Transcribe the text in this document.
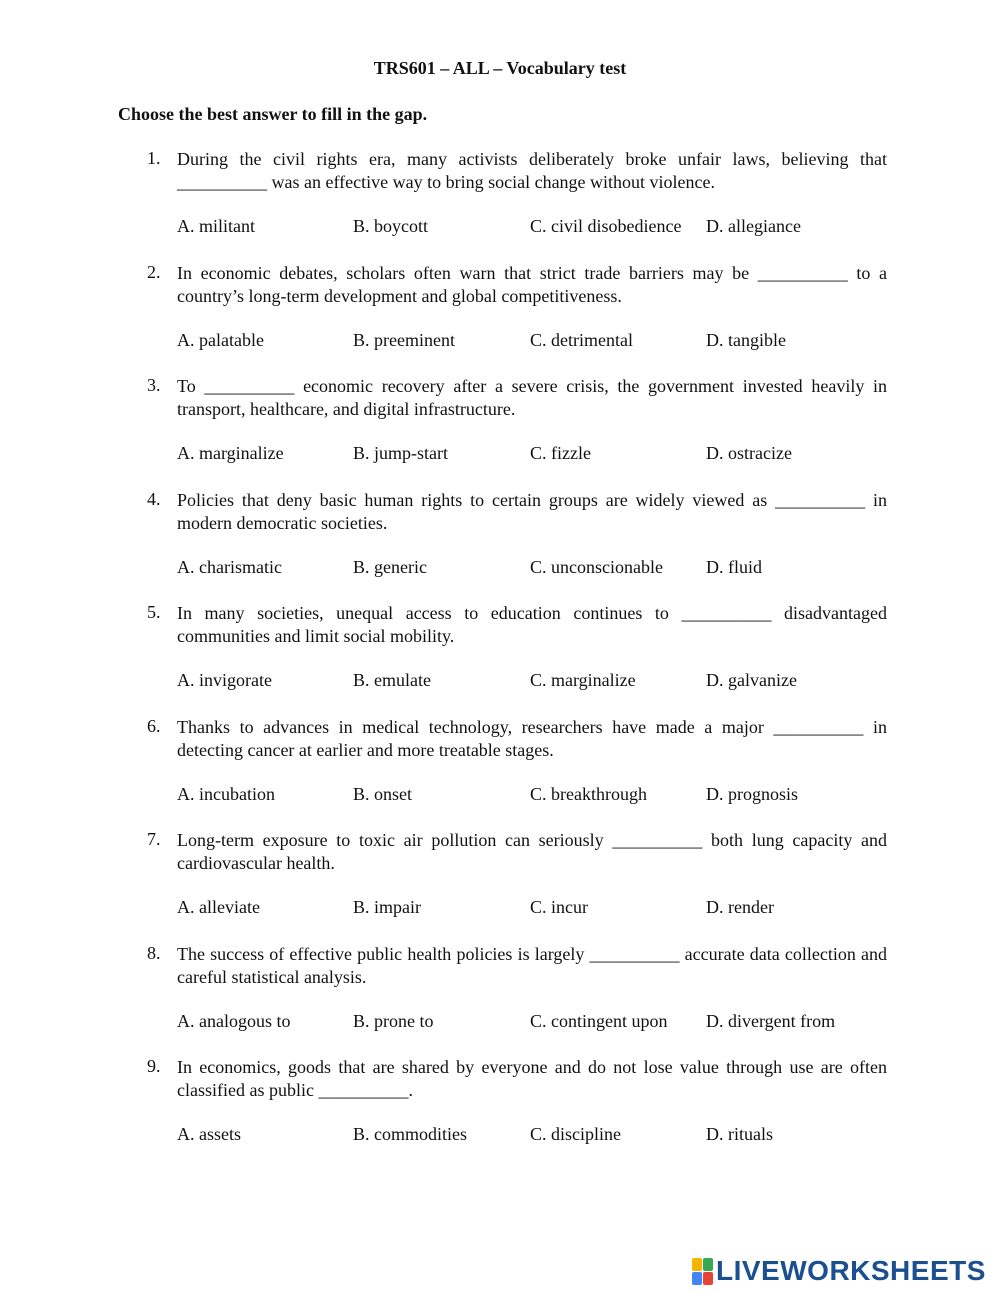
TRS601 – ALL – Vocabulary test
Choose the best answer to fill in the gap.
1. During the civil rights era, many activists deliberately broke unfair laws, believing that __________ was an effective way to bring social change without violence.
A. militant	B. boycott	C. civil disobedience D. allegiance
2. In economic debates, scholars often warn that strict trade barriers may be __________ to a country’s long-term development and global competitiveness.
A. palatable	B. preeminent	C. detrimental	D. tangible
3. To __________ economic recovery after a severe crisis, the government invested heavily in transport, healthcare, and digital infrastructure.
A. marginalize	B. jump-start	C. fizzle	D. ostracize
4. Policies that deny basic human rights to certain groups are widely viewed as __________ in modern democratic societies.
A. charismatic	B. generic	C. unconscionable D. fluid
5. In many societies, unequal access to education continues to __________ disadvantaged communities and limit social mobility.
A. invigorate	B. emulate	C. marginalize	D. galvanize
6. Thanks to advances in medical technology, researchers have made a major __________ in detecting cancer at earlier and more treatable stages.
A. incubation	B. onset	C. breakthrough	D. prognosis
7. Long-term exposure to toxic air pollution can seriously __________ both lung capacity and cardiovascular health.
A. alleviate	B. impair	C. incur	D. render
8. The success of effective public health policies is largely __________ accurate data collection and careful statistical analysis.
A. analogous to	B. prone to	C. contingent upon D. divergent from
9. In economics, goods that are shared by everyone and do not lose value through use are often classified as public __________.
A. assets	B. commodities	C. discipline	D. rituals
LIVEWORKSHEETS
